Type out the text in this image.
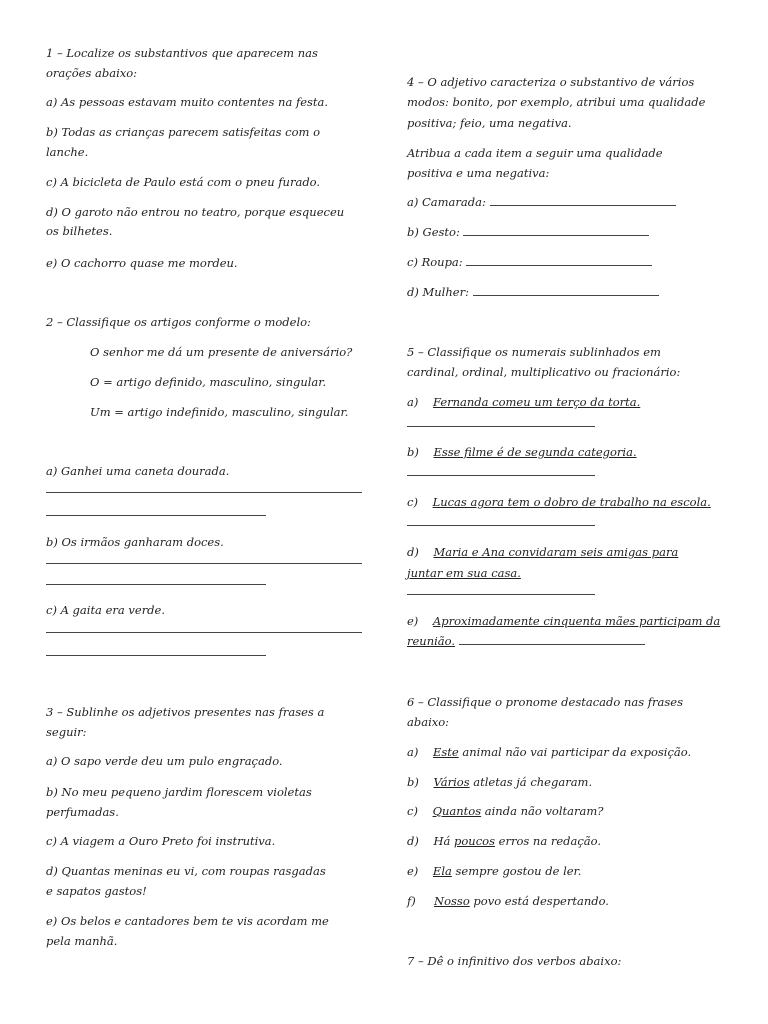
1 – Localize os substantivos que aparecem nas
orações abaixo:
a) As pessoas estavam muito contentes na festa.
b) Todas as crianças parecem satisfeitas com o
lanche.
c) A bicicleta de Paulo está com o pneu furado.
d) O garoto não entrou no teatro, porque esqueceu
os bilhetes.
e) O cachorro quase me mordeu.
2 – Classifique os artigos conforme o modelo:
O senhor me dá um presente de aniversário?
O = artigo definido, masculino, singular.
Um = artigo indefinido, masculino, singular.
a) Ganhei uma caneta dourada.
b) Os irmãos ganharam doces.
c) A gaita era verde.
3 – Sublinhe os adjetivos presentes nas frases a
seguir:
a) O sapo verde deu um pulo engraçado.
b) No meu pequeno jardim florescem violetas
perfumadas.
c) A viagem a Ouro Preto foi instrutiva.
d) Quantas meninas eu vi, com roupas rasgadas
e sapatos gastos!
e) Os belos e cantadores bem te vis acordam me
pela manhã.
4 – O adjetivo caracteriza o substantivo de vários
modos: bonito, por exemplo, atribui uma qualidade
positiva; feio, uma negativa.
Atribua a cada item a seguir uma qualidade
positiva e uma negativa:
a) Camarada:
b) Gesto:
c) Roupa:
d) Mulher:
5 – Classifique os numerais sublinhados em
cardinal, ordinal, multiplicativo ou fracionário:
a)    Fernanda comeu um terço da torta.
b)    Esse filme é de segunda categoria.
c)    Lucas agora tem o dobro de trabalho na escola.
d)    Maria e Ana convidaram seis amigas para
juntar em sua casa.
e)    Aproximadamente cinquenta mães participam da
reunião.
6 – Classifique o pronome destacado nas frases
abaixo:
a)    Este animal não vai participar da exposição.
b)    Vários atletas já chegaram.
c)    Quantos ainda não voltaram?
d)    Há poucos erros na redação.
e)    Ela sempre gostou de ler.
f)     Nosso povo está despertando.
7 – Dê o infinitivo dos verbos abaixo:
